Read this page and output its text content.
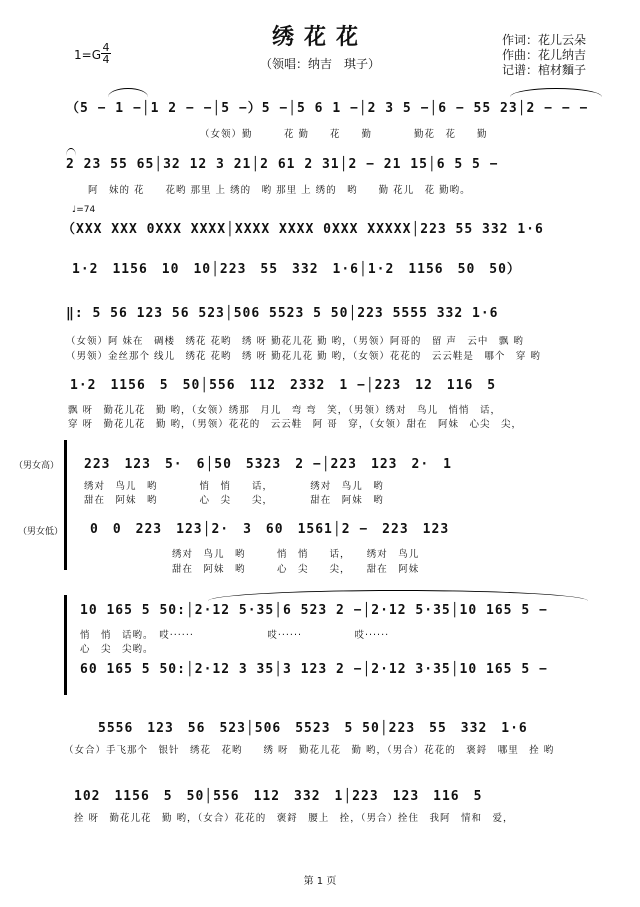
绣花花
（领唱：纳吉　琪子）
$1=G \frac{4}{4}$
作词：花儿云朵
作曲：花儿纳吉
记谱：棺材麵子
（5 − 1 −│1 2 − −│5 −）5 −│5 6 1 −│2 3 5 −│6 − 55 23│2 − − −
（女领）勤　　　花 勤　　花　　勤　　　　勤花　花　　勤
2 23 55 65│32 12 3 21│2 61 2 31│2 − 21 15│6 5 5 −
阿　妹的 花　　花哟 那里 上 绣的　哟 那里 上 绣的　哟　　勤 花儿　花 勤哟。
♩=74
（XXX XXX 0XXX XXXX│XXXX XXXX 0XXX XXXXX│223 55 332 1·6
1·2　1156　10　10│223　55　332　1·6│1·2　1156　50　50）
‖: 5 56 123 56 523│506 5523 5 50│223 5555 332 1·6
（女领）阿 妹在　碉楼　绣花 花哟　绣 呀 勤花儿花 勤 哟，（男领）阿哥的　留 声　云中　飘 哟
（男领）金丝那个 线儿　绣花 花哟　绣 呀 勤花儿花 勤 哟，（女领）花花的　云云鞋是　哪个　穿 哟
1·2　1156　5　50│556　112　2332　1 −│223　12　116　5
飘 呀　勤花儿花　勤 哟，（女领）绣那　月儿　弯 弯　笑，（男领）绣对　鸟儿　悄悄　话，
穿 呀　勤花儿花　勤 哟，（男领）花花的　云云鞋　阿 哥　穿，（女领）甜在　阿妹　心尖　尖，
（男女高）
（男女低）
223　123　5·　6│50　5323　2 −│223　123　2·　1
绣对　鸟儿　哟　　　　悄　悄　　话，　　　　绣对　鸟儿　哟
甜在　阿妹　哟　　　　心　尖　　尖，　　　　甜在　阿妹　哟
0　0　223　123│2·　3　60　1561│2 −　223　123
绣对　鸟儿　哟　　　悄　悄　　话，　　绣对　鸟儿
甜在　阿妹　哟　　　心　尖　　尖，　　甜在　阿妹
10 165 5 50:│2·12 5·35│6 523 2 −│2·12 5·35│10 165 5 −
悄　悄　话哟。　哎······　　　　　　　哎······　　　　　哎······
心　尖　尖哟。
60 165 5 50:│2·12 3 35│3 123 2 −│2·12 3·35│10 165 5 −
5556　123　56　523│506　5523　5 50│223　55　332　1·6
（女合）手飞那个　银针　绣花　花哟　　绣 呀　勤花儿花　勤 哟，（男合）花花的　褒鋝　哪里　拴 哟
102　1156　5　50│556　112　332　1│223　123　116　5
拴 呀　勤花儿花　勤 哟，（女合）花花的　褒鋝　腰上　拴，（男合）拴住　我阿　情和　爱，
第 1 页
